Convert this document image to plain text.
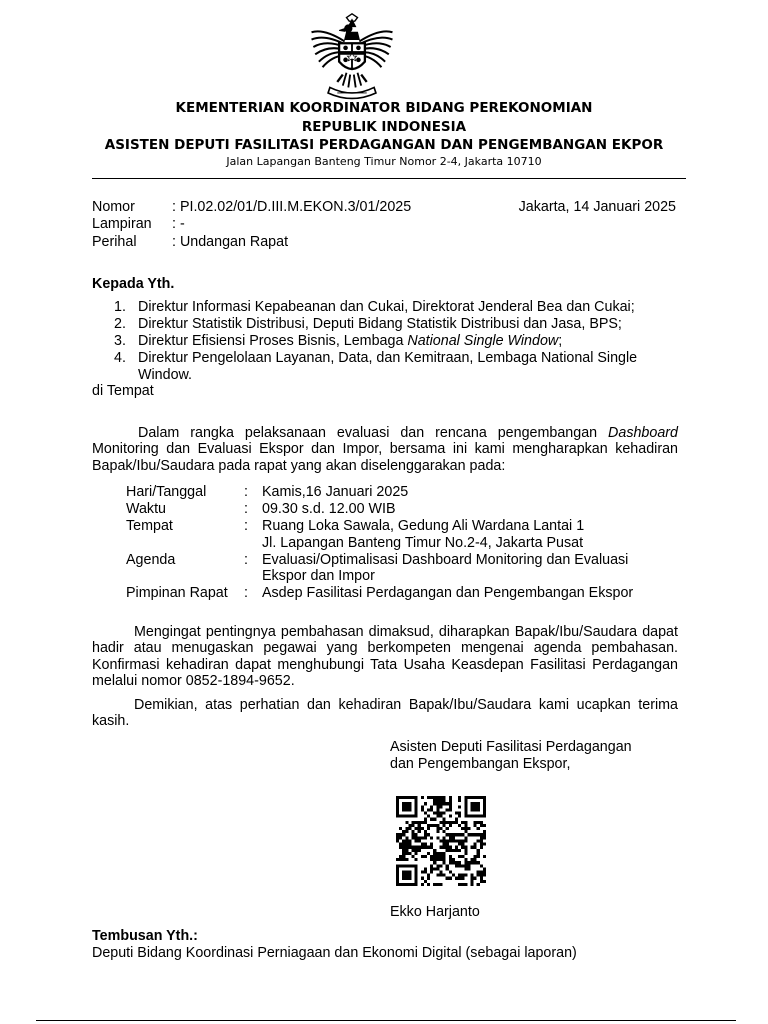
KEMENTERIAN KOORDINATOR BIDANG PEREKONOMIAN
REPUBLIK INDONESIA
ASISTEN DEPUTI FASILITASI PERDAGANGAN DAN PENGEMBANGAN EKPOR
Jalan Lapangan Banteng Timur Nomor 2-4, Jakarta 10710
Nomor	: PI.02.02/01/D.III.M.EKON.3/01/2025	Jakarta, 14 Januari 2025
Lampiran : -
Perihal : Undangan Rapat
Kepada Yth.
1. Direktur Informasi Kepabeanan dan Cukai, Direktorat Jenderal Bea dan Cukai;
2. Direktur Statistik Distribusi, Deputi Bidang Statistik Distribusi dan Jasa, BPS;
3. Direktur Efisiensi Proses Bisnis, Lembaga National Single Window;
4. Direktur Pengelolaan Layanan, Data, dan Kemitraan, Lembaga National Single
Window.
di Tempat

Dalam rangka pelaksanaan evaluasi dan rencana pengembangan Dashboard Monitoring dan Evaluasi Ekspor dan Impor, bersama ini kami mengharapkan kehadiran Bapak/Ibu/Saudara pada rapat yang akan diselenggarakan pada:

Hari/Tanggal	: Kamis,16 Januari 2025
Waktu	: 09.30 s.d. 12.00 WIB
Tempat	: Ruang Loka Sawala, Gedung Ali Wardana Lantai 1
Jl. Lapangan Banteng Timur No.2-4, Jakarta Pusat
Agenda	: Evaluasi/Optimalisasi Dashboard Monitoring dan Evaluasi
Ekspor dan Impor
Pimpinan Rapat : Asdep Fasilitasi Perdagangan dan Pengembangan Ekspor

Mengingat pentingnya pembahasan dimaksud, diharapkan Bapak/Ibu/Saudara dapat hadir atau menugaskan pegawai yang berkompeten mengenai agenda pembahasan. Konfirmasi kehadiran dapat menghubungi Tata Usaha Keasdepan Fasilitasi Perdagangan melalui nomor 0852-1894-9652.

Demikian, atas perhatian dan kehadiran Bapak/Ibu/Saudara kami ucapkan terima kasih.

Asisten Deputi Fasilitasi Perdagangan
dan Pengembangan Ekspor,
Ekko Harjanto
Tembusan Yth.:
Deputi Bidang Koordinasi Perniagaan dan Ekonomi Digital (sebagai laporan)
